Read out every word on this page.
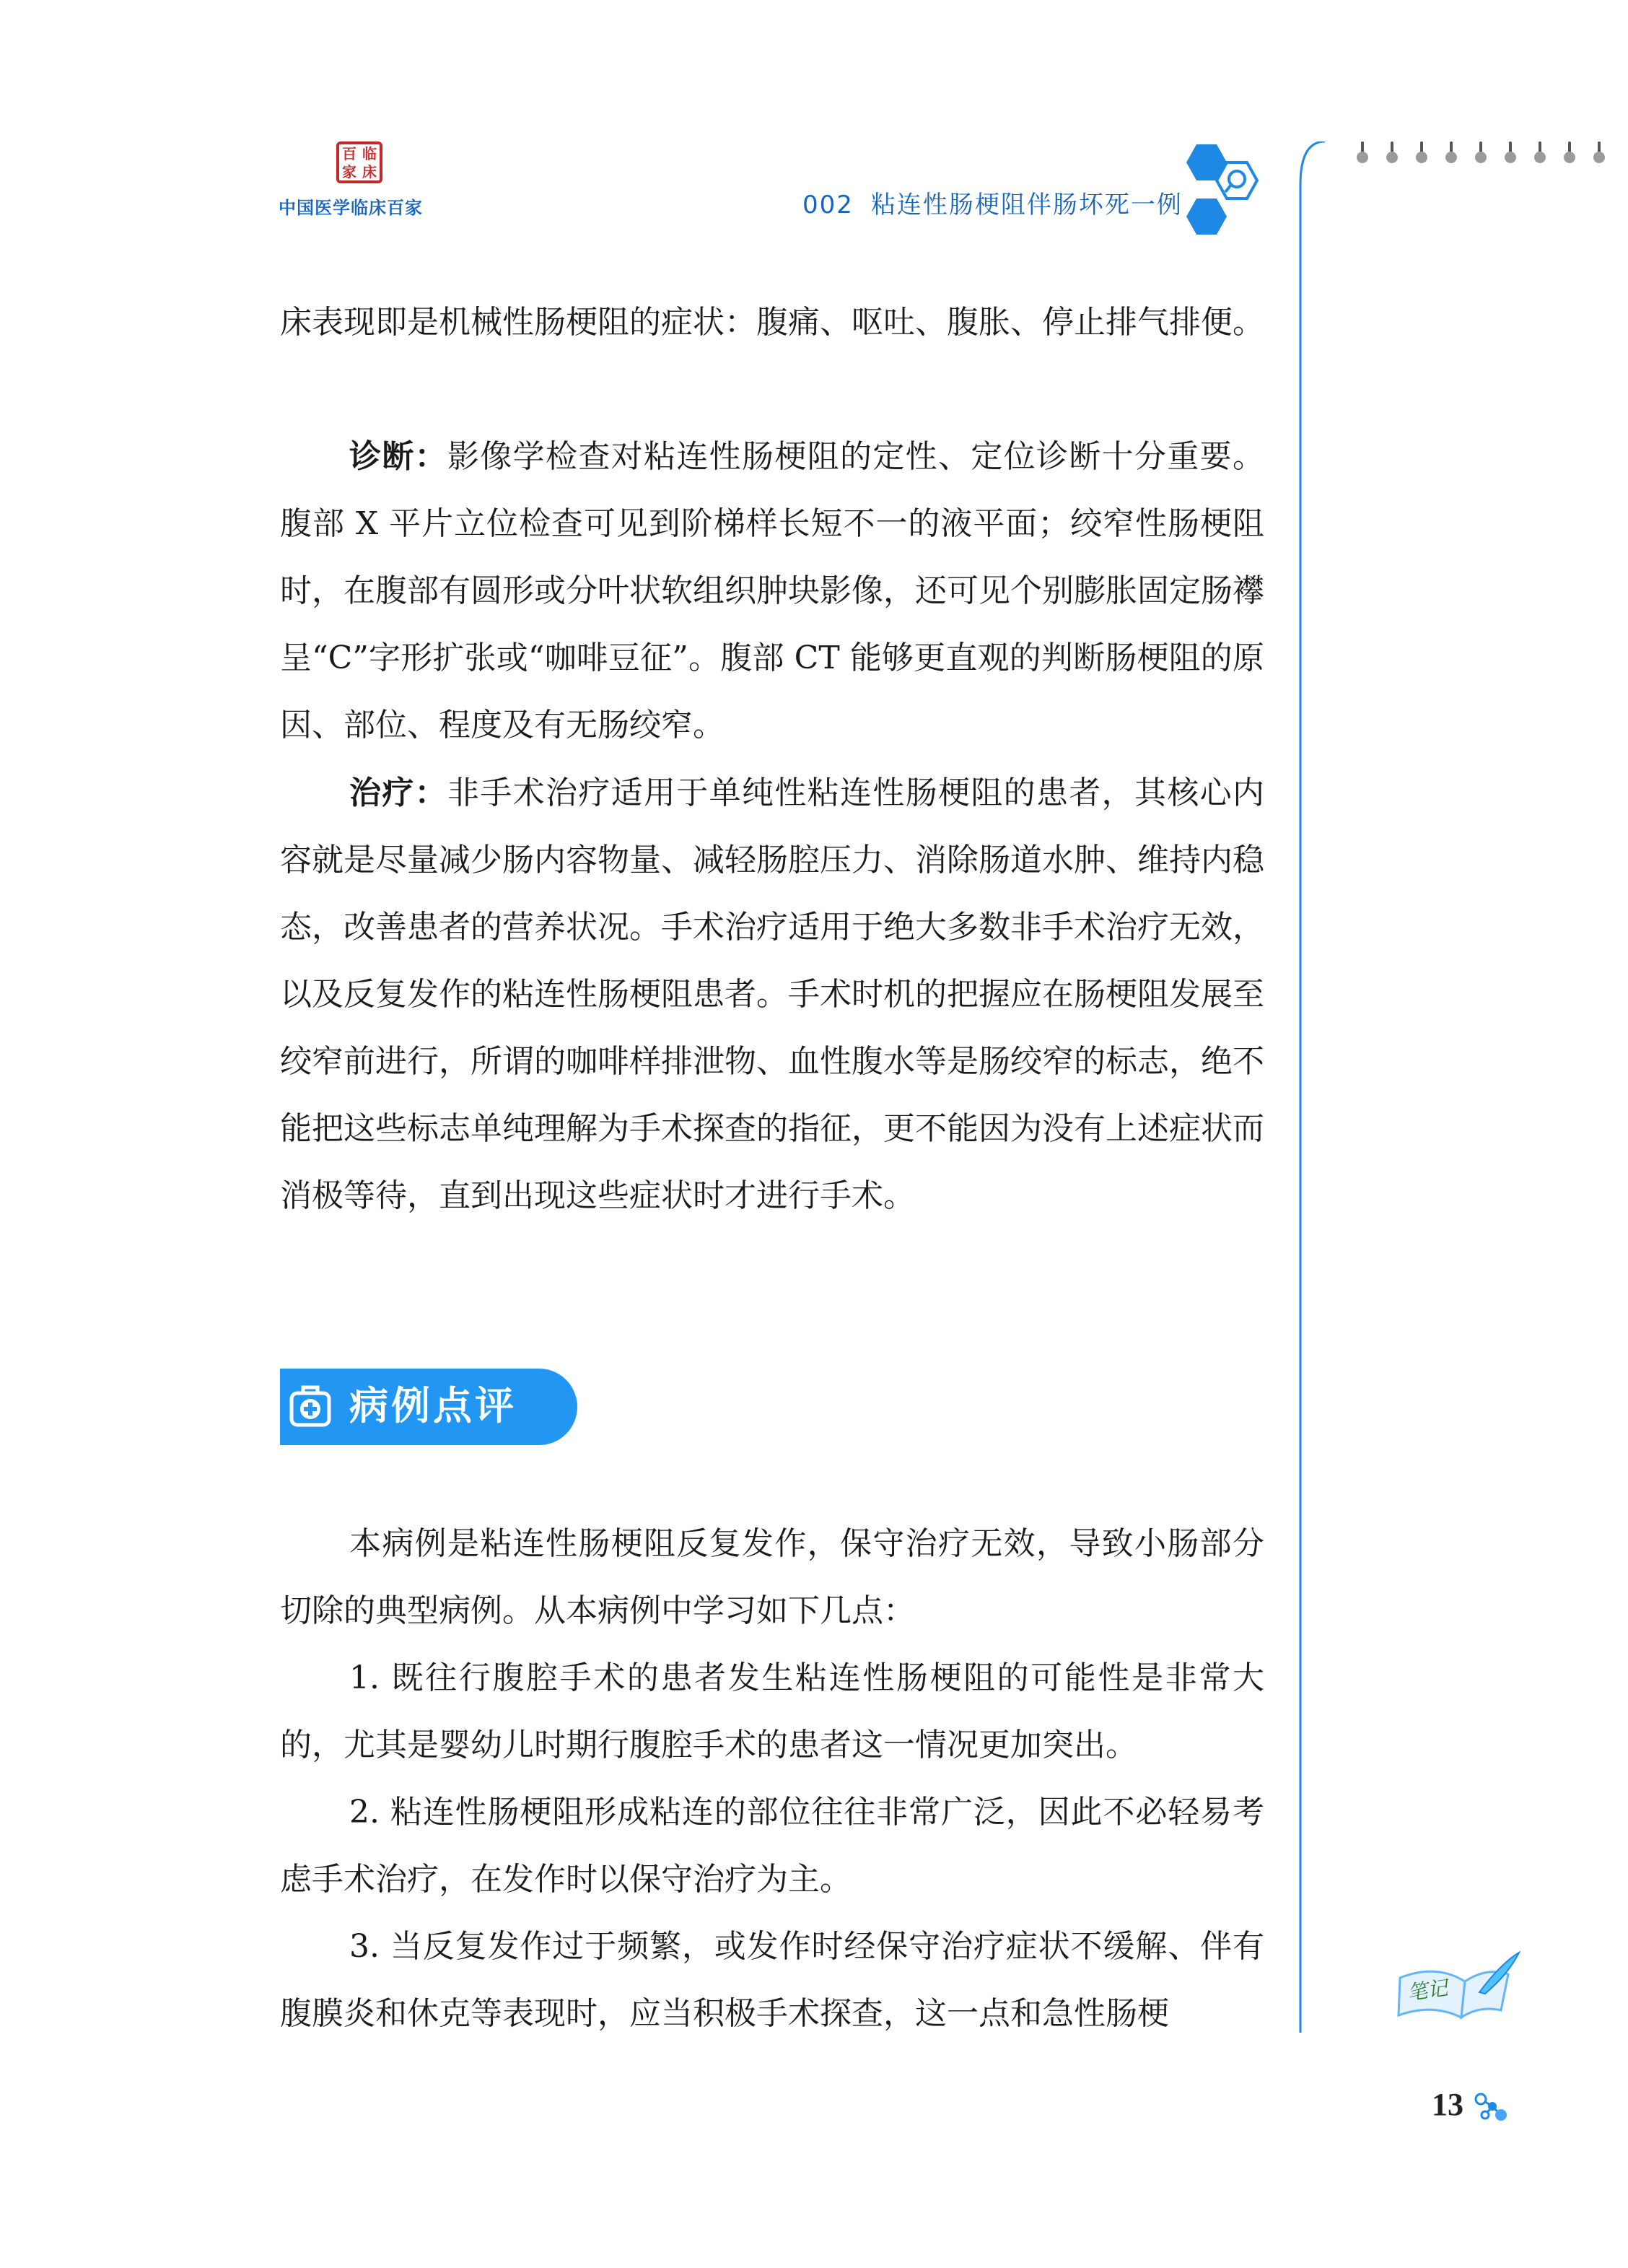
百 临
家 床
中国医学临床百家	002 粘连性肠梗阻伴肠坏死一例
笔记

床表现即是机械性肠梗阻的症状：腹痛、呕吐、腹胀、停止排气排便。

诊断：影像学检查对粘连性肠梗阻的定性、定位诊断十分重要。腹部 X 平片立位检查可见到阶梯样长短不一的液平面；绞窄性肠梗阻时，在腹部有圆形或分叶状软组织肿块影像，还可见个别膨胀固定肠襻呈“C”字形扩张或“咖啡豆征”。腹部 CT 能够更直观的判断肠梗阻的原因、部位、程度及有无肠绞窄。

治疗：非手术治疗适用于单纯性粘连性肠梗阻的患者，其核心内容就是尽量减少肠内容物量、减轻肠腔压力、消除肠道水肿、维持内稳态，改善患者的营养状况。手术治疗适用于绝大多数非手术治疗无效，以及反复发作的粘连性肠梗阻患者。手术时机的把握应在肠梗阻发展至绞窄前进行，所谓的咖啡样排泄物、血性腹水等是肠绞窄的标志，绝不能把这些标志单纯理解为手术探查的指征，更不能因为没有上述症状而消极等待，直到出现这些症状时才进行手术。

病例点评

本病例是粘连性肠梗阻反复发作，保守治疗无效，导致小肠部分切除的典型病例。从本病例中学习如下几点：

1. 既往行腹腔手术的患者发生粘连性肠梗阻的可能性是非常大的，尤其是婴幼儿时期行腹腔手术的患者这一情况更加突出。

2. 粘连性肠梗阻形成粘连的部位往往非常广泛，因此不必轻易考虑手术治疗，在发作时以保守治疗为主。

3. 当反复发作过于频繁，或发作时经保守治疗症状不缓解、伴有腹膜炎和休克等表现时，应当积极手术探查，这一点和急性肠梗

13
